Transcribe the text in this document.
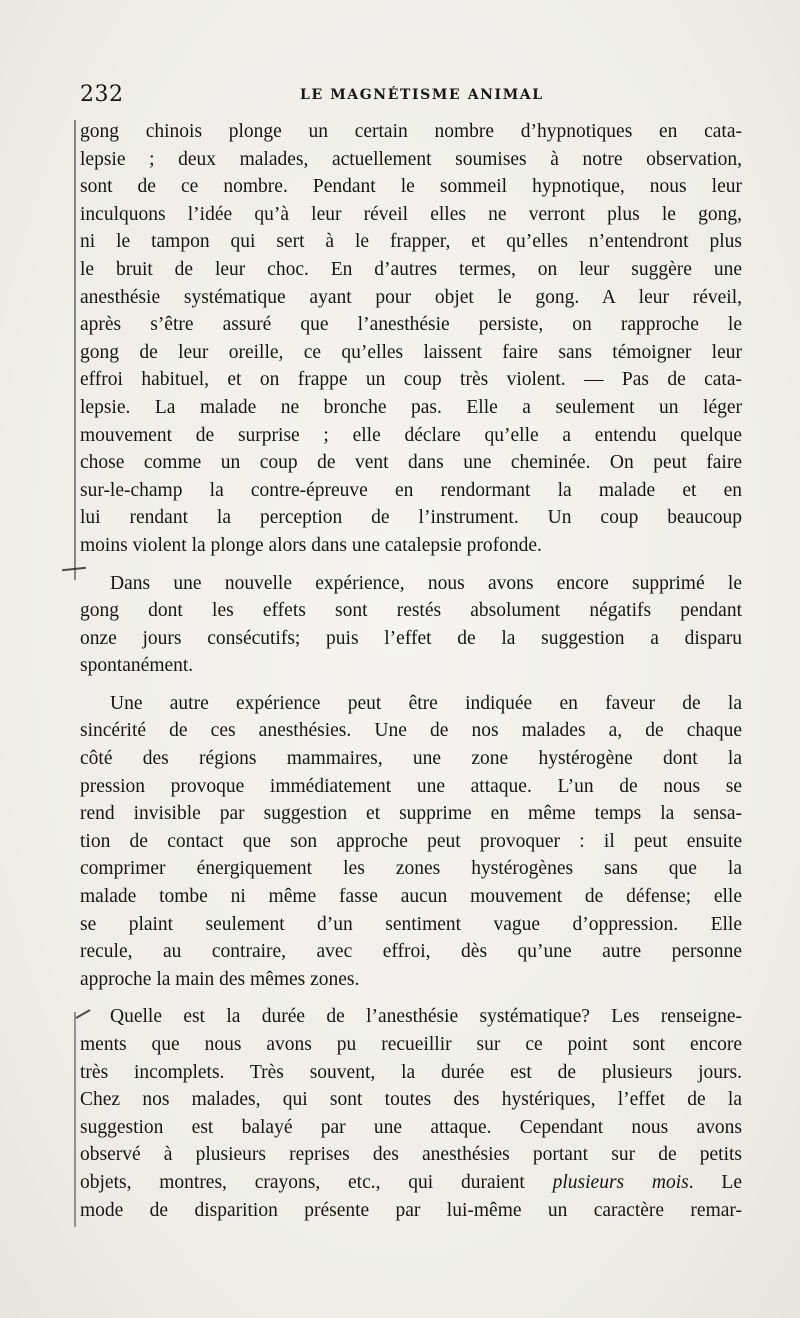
232	LE MAGNÉTISME ANIMAL

gong chinois plonge un certain nombre d’hypnotiques en cata-
lepsie ; deux malades, actuellement soumises à notre observation,
sont de ce nombre. Pendant le sommeil hypnotique, nous leur
inculquons l’idée qu’à leur réveil elles ne verront plus le gong,
ni le tampon qui sert à le frapper, et qu’elles n’entendront plus
le bruit de leur choc. En d’autres termes, on leur suggère une
anesthésie systématique ayant pour objet le gong. A leur réveil,
après s’être assuré que l’anesthésie persiste, on rapproche le
gong de leur oreille, ce qu’elles laissent faire sans témoigner leur
effroi habituel, et on frappe un coup très violent. — Pas de cata-
lepsie. La malade ne bronche pas. Elle a seulement un léger
mouvement de surprise ; elle déclare qu’elle a entendu quelque
chose comme un coup de vent dans une cheminée. On peut faire
sur-le-champ la contre-épreuve en rendormant la malade et en
lui rendant la perception de l’instrument. Un coup beaucoup
moins violent la plonge alors dans une catalepsie profonde.

Dans une nouvelle expérience, nous avons encore supprimé le
gong dont les effets sont restés absolument négatifs pendant
onze jours consécutifs; puis l’effet de la suggestion a disparu
spontanément.

Une autre expérience peut être indiquée en faveur de la
sincérité de ces anesthésies. Une de nos malades a, de chaque
côté des régions mammaires, une zone hystérogène dont la
pression provoque immédiatement une attaque. L’un de nous se
rend invisible par suggestion et supprime en même temps la sensa-
tion de contact que son approche peut provoquer : il peut ensuite
comprimer énergiquement les zones hystérogènes sans que la
malade tombe ni même fasse aucun mouvement de défense; elle
se plaint seulement d’un sentiment vague d’oppression. Elle
recule, au contraire, avec effroi, dès qu’une autre personne
approche la main des mêmes zones.

Quelle est la durée de l’anesthésie systématique? Les renseigne-
ments que nous avons pu recueillir sur ce point sont encore
très incomplets. Très souvent, la durée est de plusieurs jours.
Chez nos malades, qui sont toutes des hystériques, l’effet de la
suggestion est balayé par une attaque. Cependant nous avons
observé à plusieurs reprises des anesthésies portant sur de petits
objets, montres, crayons, etc., qui duraient plusieurs mois. Le
mode de disparition présente par lui-même un caractère remar-
